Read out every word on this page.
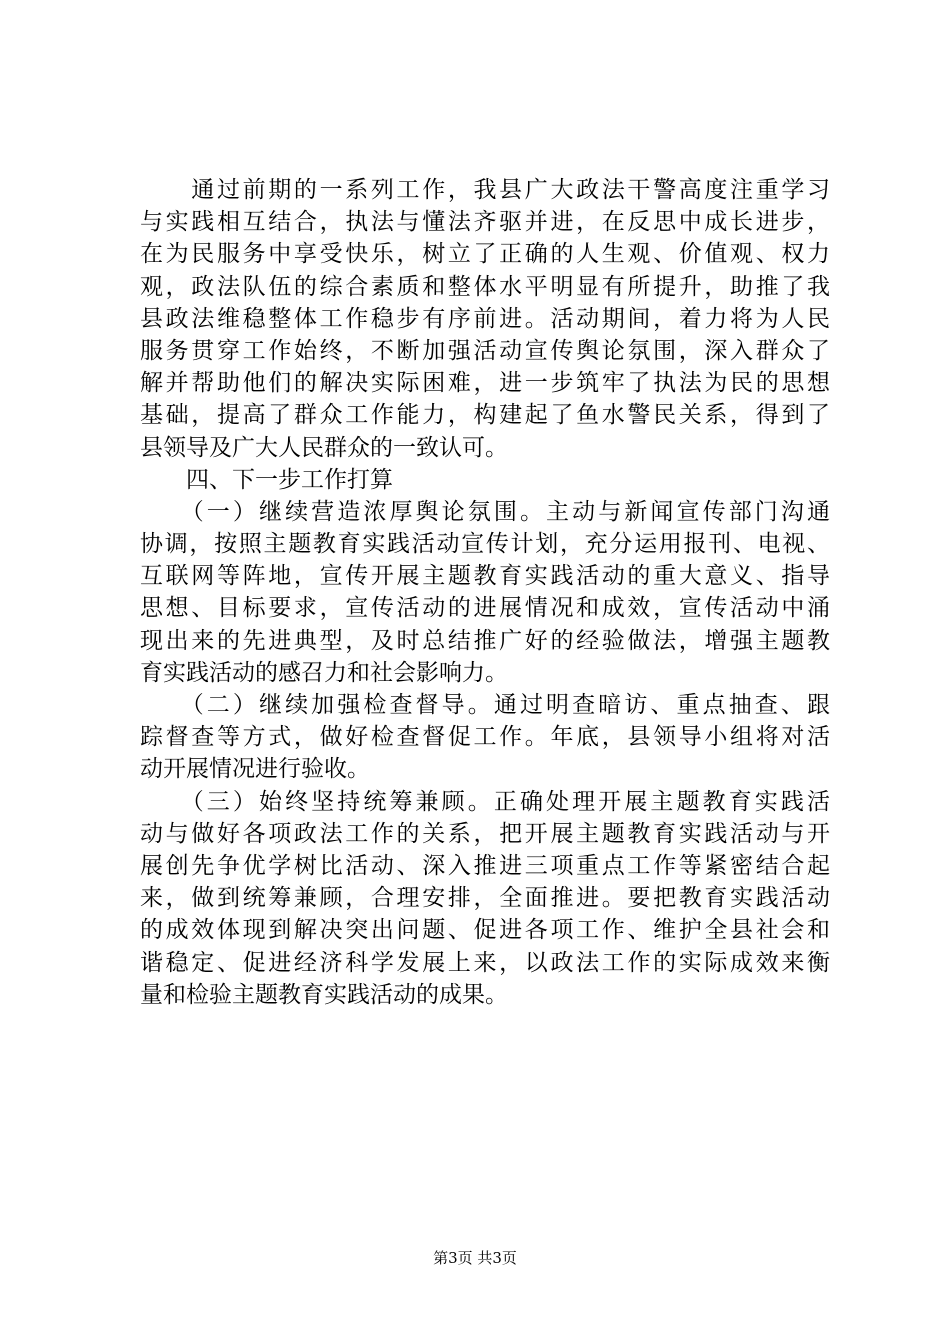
　　通过前期的一系列工作，我县广大政法干警高度注重学习
与实践相互结合，执法与懂法齐驱并进，在反思中成长进步，
在为民服务中享受快乐，树立了正确的人生观、价值观、权力
观，政法队伍的综合素质和整体水平明显有所提升，助推了我
县政法维稳整体工作稳步有序前进。活动期间，着力将为人民
服务贯穿工作始终，不断加强活动宣传舆论氛围，深入群众了
解并帮助他们的解决实际困难，进一步筑牢了执法为民的思想
基础，提高了群众工作能力，构建起了鱼水警民关系，得到了
县领导及广大人民群众的一致认可。
　　四、下一步工作打算
　　（一）继续营造浓厚舆论氛围。主动与新闻宣传部门沟通
协调，按照主题教育实践活动宣传计划，充分运用报刊、电视、
互联网等阵地，宣传开展主题教育实践活动的重大意义、指导
思想、目标要求，宣传活动的进展情况和成效，宣传活动中涌
现出来的先进典型，及时总结推广好的经验做法，增强主题教
育实践活动的感召力和社会影响力。
　　（二）继续加强检查督导。通过明查暗访、重点抽查、跟
踪督查等方式，做好检查督促工作。年底，县领导小组将对活
动开展情况进行验收。
　　（三）始终坚持统筹兼顾。正确处理开展主题教育实践活
动与做好各项政法工作的关系，把开展主题教育实践活动与开
展创先争优学树比活动、深入推进三项重点工作等紧密结合起
来，做到统筹兼顾，合理安排，全面推进。要把教育实践活动
的成效体现到解决突出问题、促进各项工作、维护全县社会和
谐稳定、促进经济科学发展上来，以政法工作的实际成效来衡
量和检验主题教育实践活动的成果。
第3页 共3页
